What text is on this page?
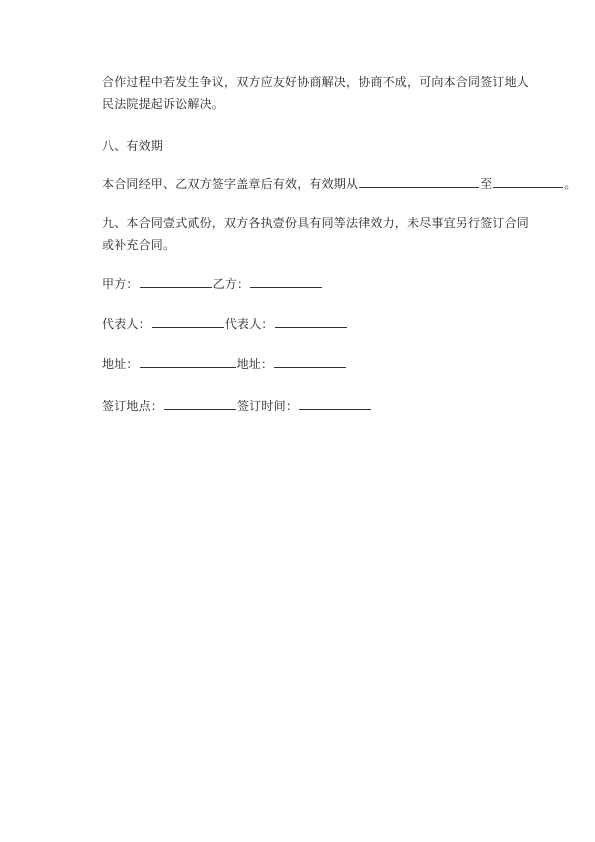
合作过程中若发生争议，双方应友好协商解决，协商不成，可向本合同签订地人
民法院提起诉讼解决。
八、有效期
本合同经甲、乙双方签字盖章后有效，有效期从	至	。
九、本合同壹式贰份，双方各执壹份具有同等法律效力，未尽事宜另行签订合同
或补充合同。
甲方：	乙方：
代表人：	代表人：
地址：	地址：
签订地点：	签订时间：
